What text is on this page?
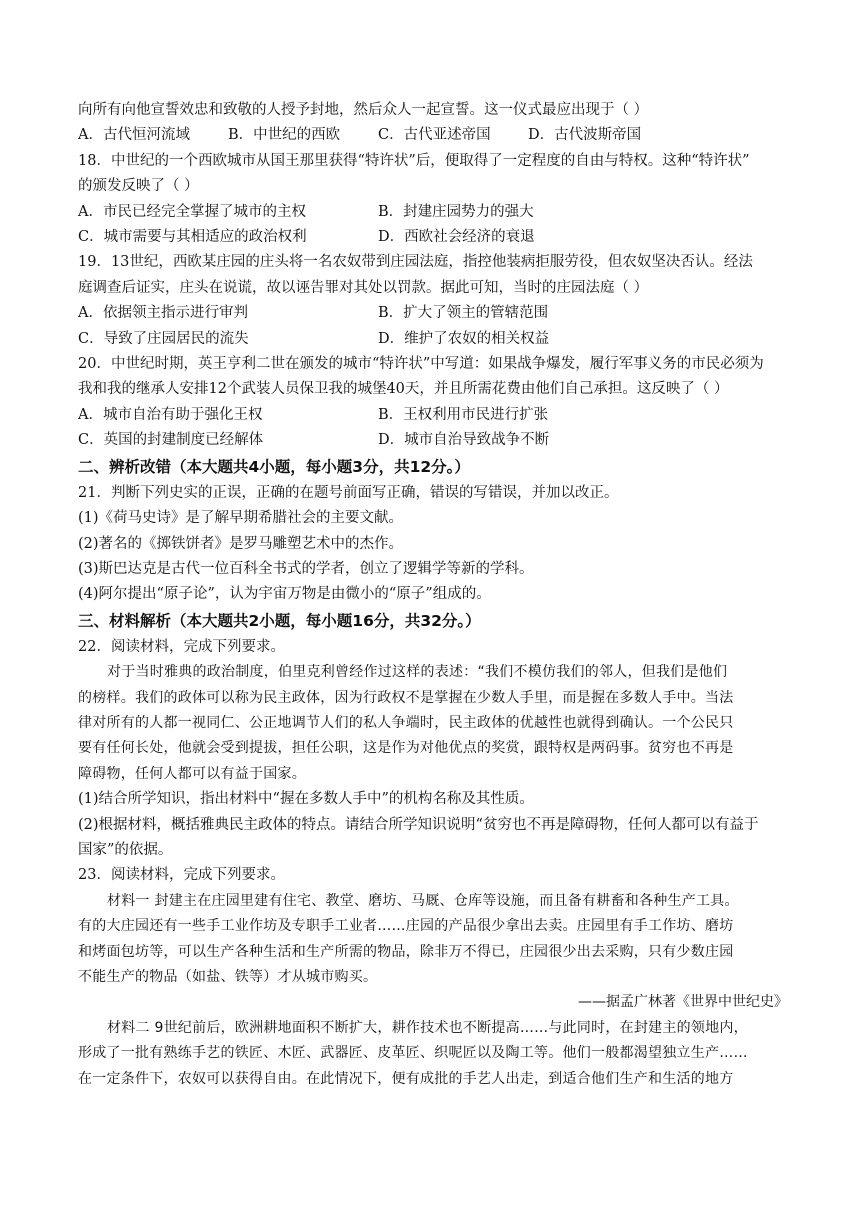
向所有向他宣誓效忠和致敬的人授予封地，然后众人一起宣誓。这一仪式最应出现于（ ）

A．古代恒河流域	B．中世纪的西欧	C．古代亚述帝国	D．古代波斯帝国

18．中世纪的一个西欧城市从国王那里获得“特许状”后，便取得了一定程度的自由与特权。这种“特许状”

的颁发反映了（ ）

A．市民已经完全掌握了城市的主权	B．封建庄园势力的强大
C．城市需要与其相适应的政治权利	D．西欧社会经济的衰退

19．13世纪，西欧某庄园的庄头将一名农奴带到庄园法庭，指控他装病拒服劳役，但农奴坚决否认。经法

庭调查后证实，庄头在说谎，故以诬告罪对其处以罚款。据此可知，当时的庄园法庭（ ）

A．依据领主指示进行审判	B．扩大了领主的管辖范围
C．导致了庄园居民的流失	D．维护了农奴的相关权益

20．中世纪时期，英王亨利二世在颁发的城市“特许状”中写道：如果战争爆发，履行军事义务的市民必须为

我和我的继承人安排12个武装人员保卫我的城堡40天，并且所需花费由他们自己承担。这反映了（ ）

A．城市自治有助于强化王权	B．王权利用市民进行扩张
C．英国的封建制度已经解体	D．城市自治导致战争不断

二、辨析改错（本大题共4小题，每小题3分，共12分。）

21．判断下列史实的正误，正确的在题号前面写正确，错误的写错误，并加以改正。

(1)《荷马史诗》是了解早期希腊社会的主要文献。

(2)著名的《掷铁饼者》是罗马雕塑艺术中的杰作。

(3)斯巴达克是古代一位百科全书式的学者，创立了逻辑学等新的学科。

(4)阿尔提出“原子论”，认为宇宙万物是由微小的“原子”组成的。

三、材料解析（本大题共2小题，每小题16分，共32分。）

22．阅读材料，完成下列要求。

对于当时雅典的政治制度，伯里克利曾经作过这样的表述：“我们不模仿我们的邻人，但我们是他们

的榜样。我们的政体可以称为民主政体，因为行政权不是掌握在少数人手里，而是握在多数人手中。当法

律对所有的人都一视同仁、公正地调节人们的私人争端时，民主政体的优越性也就得到确认。一个公民只

要有任何长处，他就会受到提拔，担任公职，这是作为对他优点的奖赏，跟特权是两码事。贫穷也不再是

障碍物，任何人都可以有益于国家。

(1)结合所学知识，指出材料中“握在多数人手中”的机构名称及其性质。

(2)根据材料，概括雅典民主政体的特点。请结合所学知识说明“贫穷也不再是障碍物，任何人都可以有益于

国家”的依据。

23．阅读材料，完成下列要求。

材料一 封建主在庄园里建有住宅、教堂、磨坊、马厩、仓库等设施，而且备有耕畜和各种生产工具。

有的大庄园还有一些手工业作坊及专职手工业者……庄园的产品很少拿出去卖。庄园里有手工作坊、磨坊

和烤面包坊等，可以生产各种生活和生产所需的物品，除非万不得已，庄园很少出去采购，只有少数庄园

不能生产的物品（如盐、铁等）才从城市购买。

——据孟广林著《世界中世纪史》

材料二 9世纪前后，欧洲耕地面积不断扩大，耕作技术也不断提高……与此同时，在封建主的领地内，

形成了一批有熟练手艺的铁匠、木匠、武器匠、皮革匠、织呢匠以及陶工等。他们一般都渴望独立生产……

在一定条件下，农奴可以获得自由。在此情况下，便有成批的手艺人出走，到适合他们生产和生活的地方
